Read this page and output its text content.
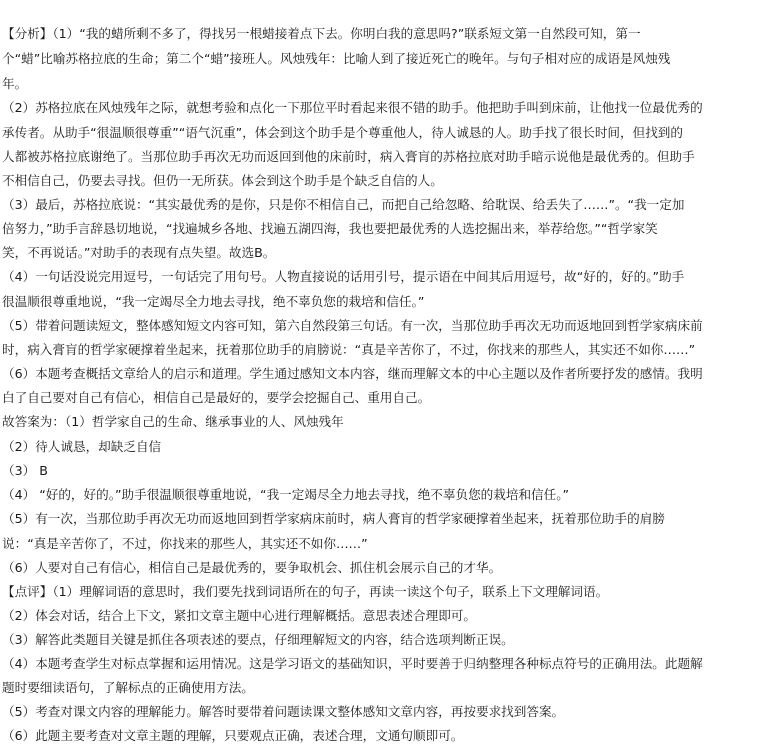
【分析】（1）“我的蜡所剩不多了，得找另一根蜡接着点下去。你明白我的意思吗?”联系短文第一自然段可知，第一
个“蜡”比喻苏格拉底的生命；第二个“蜡”接班人。风烛残年：比喻人到了接近死亡的晚年。与句子相对应的成语是风烛残
年。
（2）苏格拉底在风烛残年之际，就想考验和点化一下那位平时看起来很不错的助手。他把助手叫到床前，让他找一位最优秀的
承传者。从助手“很温顺很尊重”“语气沉重”，体会到这个助手是个尊重他人，待人诚恳的人。助手找了很长时间，但找到的
人都被苏格拉底谢绝了。当那位助手再次无功而返回到他的床前时，病入膏肓的苏格拉底对助手暗示说他是最优秀的。但助手
不相信自己，仍要去寻找。但仍一无所获。体会到这个助手是个缺乏自信的人。
（3）最后，苏格拉底说：“其实最优秀的是你，只是你不相信自己，而把自己给忽略、给耽误、给丢失了……”。“我一定加
倍努力，”助手言辞恳切地说，“找遍城乡各地、找遍五湖四海，我也要把最优秀的人选挖掘出来，举荐给您。”“哲学家笑
笑，不再说话。”对助手的表现有点失望。故选B。
（4）一句话没说完用逗号，一句话完了用句号。人物直接说的话用引号，提示语在中间其后用逗号，故“好的，好的。”助手
很温顺很尊重地说，“我一定竭尽全力地去寻找，绝不辜负您的栽培和信任。”
（5）带着问题读短文，整体感知短文内容可知，第六自然段第三句话。有一次，当那位助手再次无功而返地回到哲学家病床前
时，病入膏肓的哲学家硬撑着坐起来，抚着那位助手的肩膀说：“真是辛苦你了，不过，你找来的那些人，其实还不如你……”
（6）本题考查概括文章给人的启示和道理。学生通过感知文本内容，继而理解文本的中心主题以及作者所要抒发的感情。我明
白了自己要对自己有信心，相信自己是最好的，要学会挖掘自己、重用自己。
故答案为：（1）哲学家自己的生命、继承事业的人、风烛残年
（2）待人诚恳，却缺乏自信
（3） B
（4） “好的，好的。”助手很温顺很尊重地说，“我一定竭尽全力地去寻找，绝不辜负您的栽培和信任。”
（5）有一次，当那位助手再次无功而返地回到哲学家病床前时，病人膏肓的哲学家硬撑着坐起来，抚着那位助手的肩膀
说：“真是辛苦你了，不过，你找来的那些人，其实还不如你……”
（6）人要对自己有信心，相信自己是最优秀的，要争取机会、抓住机会展示自己的才华。
【点评】（1）理解词语的意思时，我们要先找到词语所在的句子，再读一读这个句子，联系上下文理解词语。
（2）体会对话，结合上下文，紧扣文章主题中心进行理解概括。意思表述合理即可。
（3）解答此类题目关键是抓住各项表述的要点，仔细理解短文的内容，结合选项判断正误。
（4）本题考查学生对标点掌握和运用情况。这是学习语文的基础知识，平时要善于归纳整理各种标点符号的正确用法。此题解
题时要细读语句，了解标点的正确使用方法。
（5）考查对课文内容的理解能力。解答时要带着问题读课文整体感知文章内容，再按要求找到答案。
（6）此题主要考查对文章主题的理解，只要观点正确，表述合理，文通句顺即可。
